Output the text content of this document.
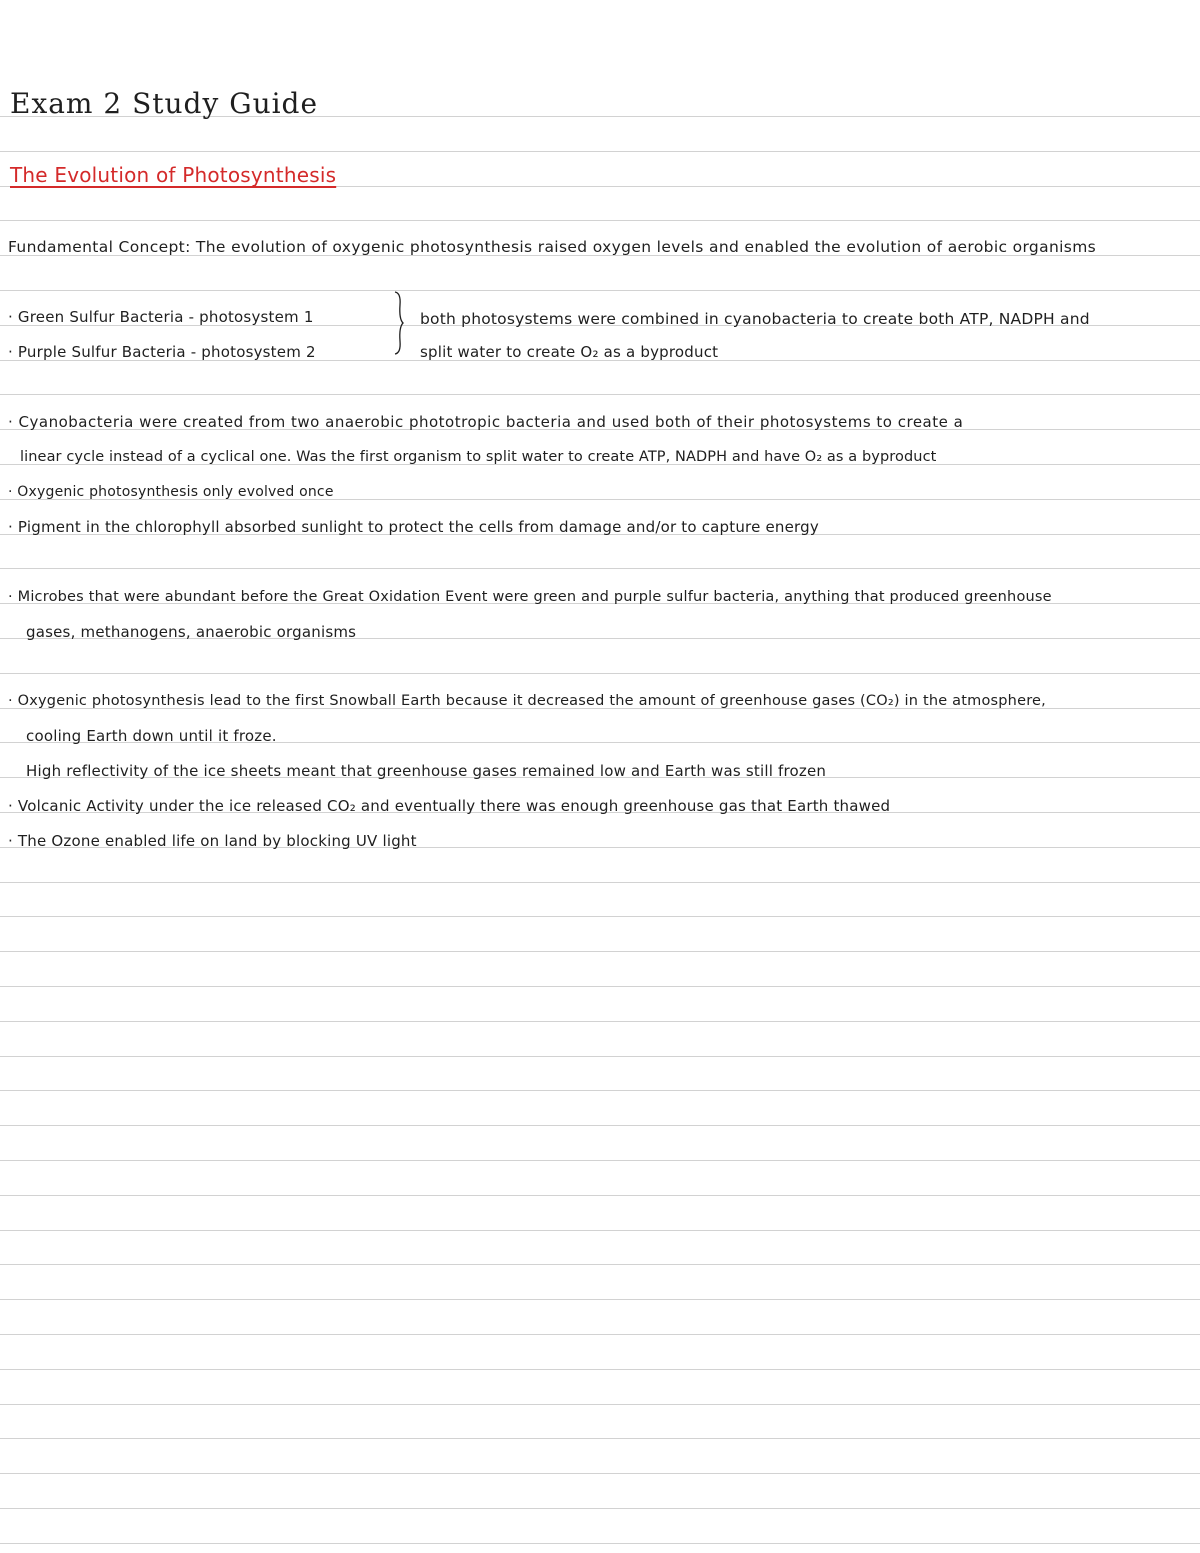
Exam 2 Study Guide
The Evolution of Photosynthesis
Fundamental Concept: The evolution of oxygenic photosynthesis raised oxygen levels and enabled the evolution of aerobic organisms
· Green Sulfur Bacteria - photosystem 1
· Purple Sulfur Bacteria - photosystem 2
both photosystems were combined in cyanobacteria to create both ATP, NADPH and
split water to create O₂ as a byproduct
· Cyanobacteria were created from two anaerobic phototropic bacteria and used both of their photosystems to create a
linear cycle instead of a cyclical one. Was the first organism to split water to create ATP, NADPH and have O₂ as a byproduct
· Oxygenic photosynthesis only evolved once
· Pigment in the chlorophyll absorbed sunlight to protect the cells from damage and/or to capture energy
· Microbes that were abundant before the Great Oxidation Event were green and purple sulfur bacteria, anything that produced greenhouse
gases, methanogens, anaerobic organisms
· Oxygenic photosynthesis lead to the first Snowball Earth because it decreased the amount of greenhouse gases (CO₂) in the atmosphere,
cooling Earth down until it froze.
High reflectivity of the ice sheets meant that greenhouse gases remained low and Earth was still frozen
· Volcanic Activity under the ice released CO₂ and eventually there was enough greenhouse gas that Earth thawed
· The Ozone enabled life on land by blocking UV light
